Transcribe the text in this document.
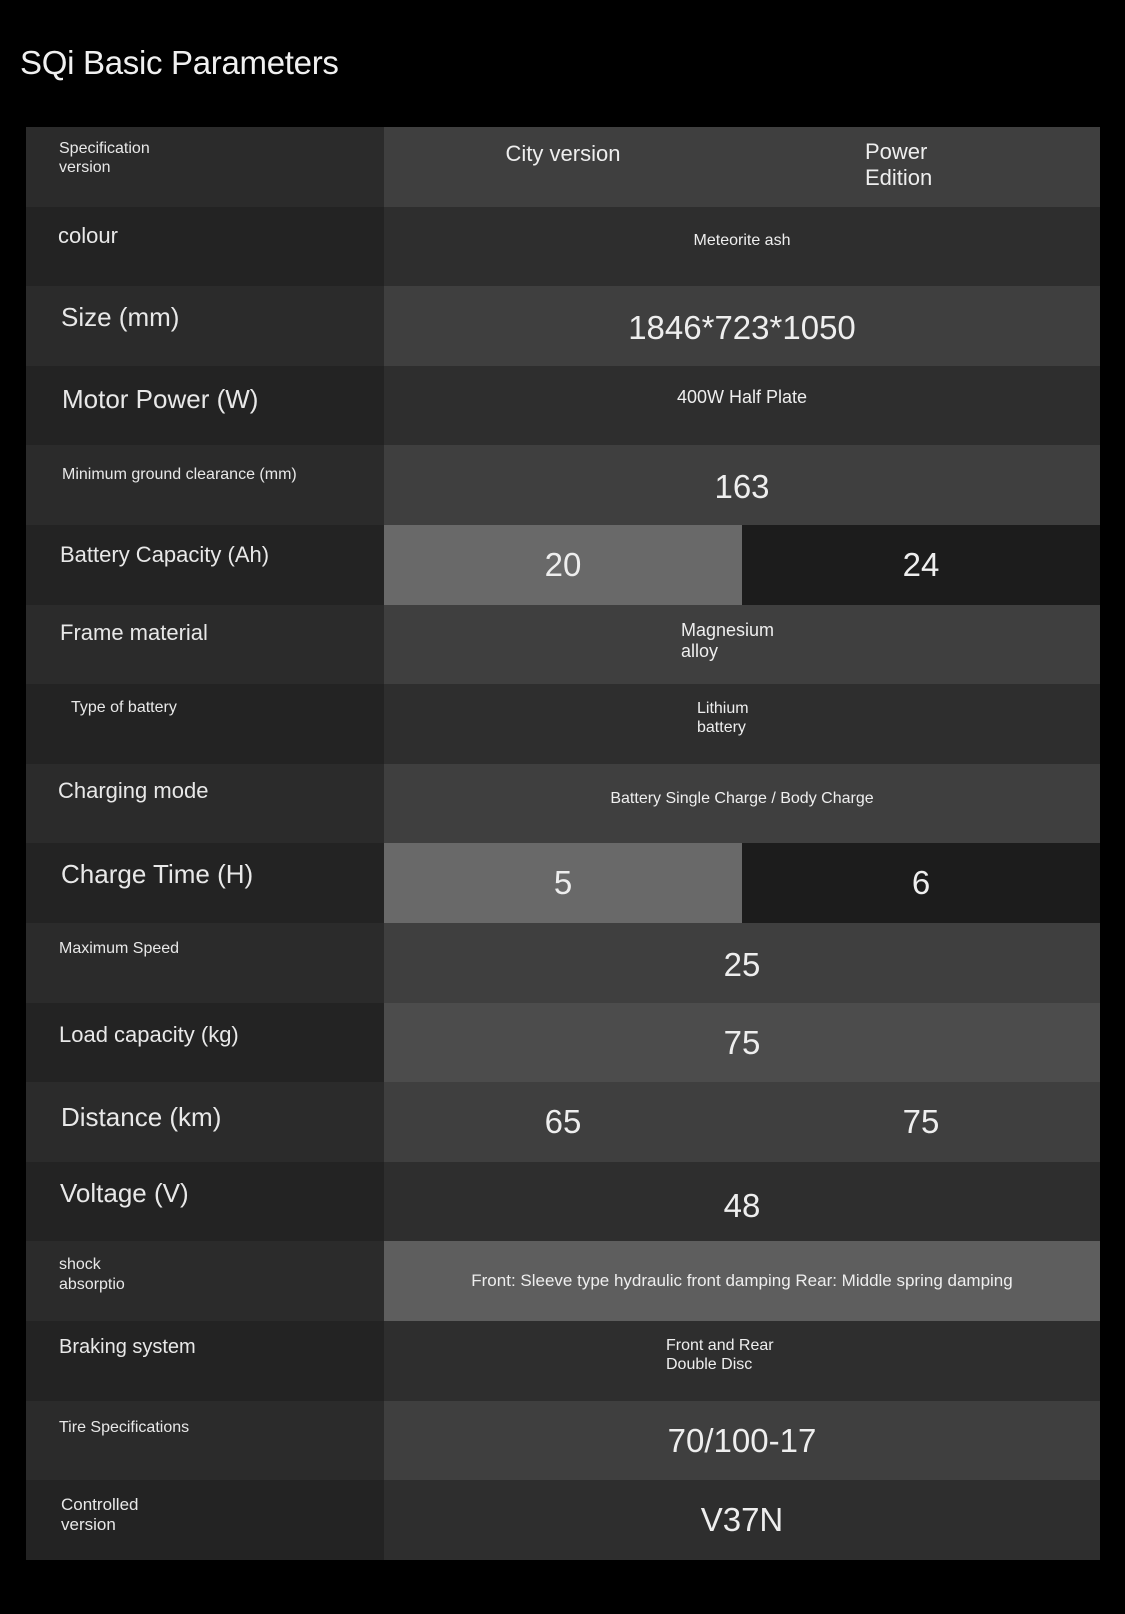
SQi Basic Parameters
Specification
version
City version	Power
Edition
colour	Meteorite ash
Size (mm)	1846*723*1050
Motor Power (W)	400W Half Plate
Minimum ground clearance (mm)	163
Battery Capacity (Ah)	20	24
Frame material	Magnesium
alloy
Type of battery	Lithium
battery
Charging mode	Battery Single Charge / Body Charge
Charge Time (H)	5	6
Maximum Speed	25
Load capacity (kg)	75
Distance (km)	65	75
Voltage (V)	48
shock
absorptio	Front: Sleeve type hydraulic front damping Rear: Middle spring damping
Braking system	Front and Rear
Double Disc
Tire Specifications	70/100-17
Controlled
version	V37N
